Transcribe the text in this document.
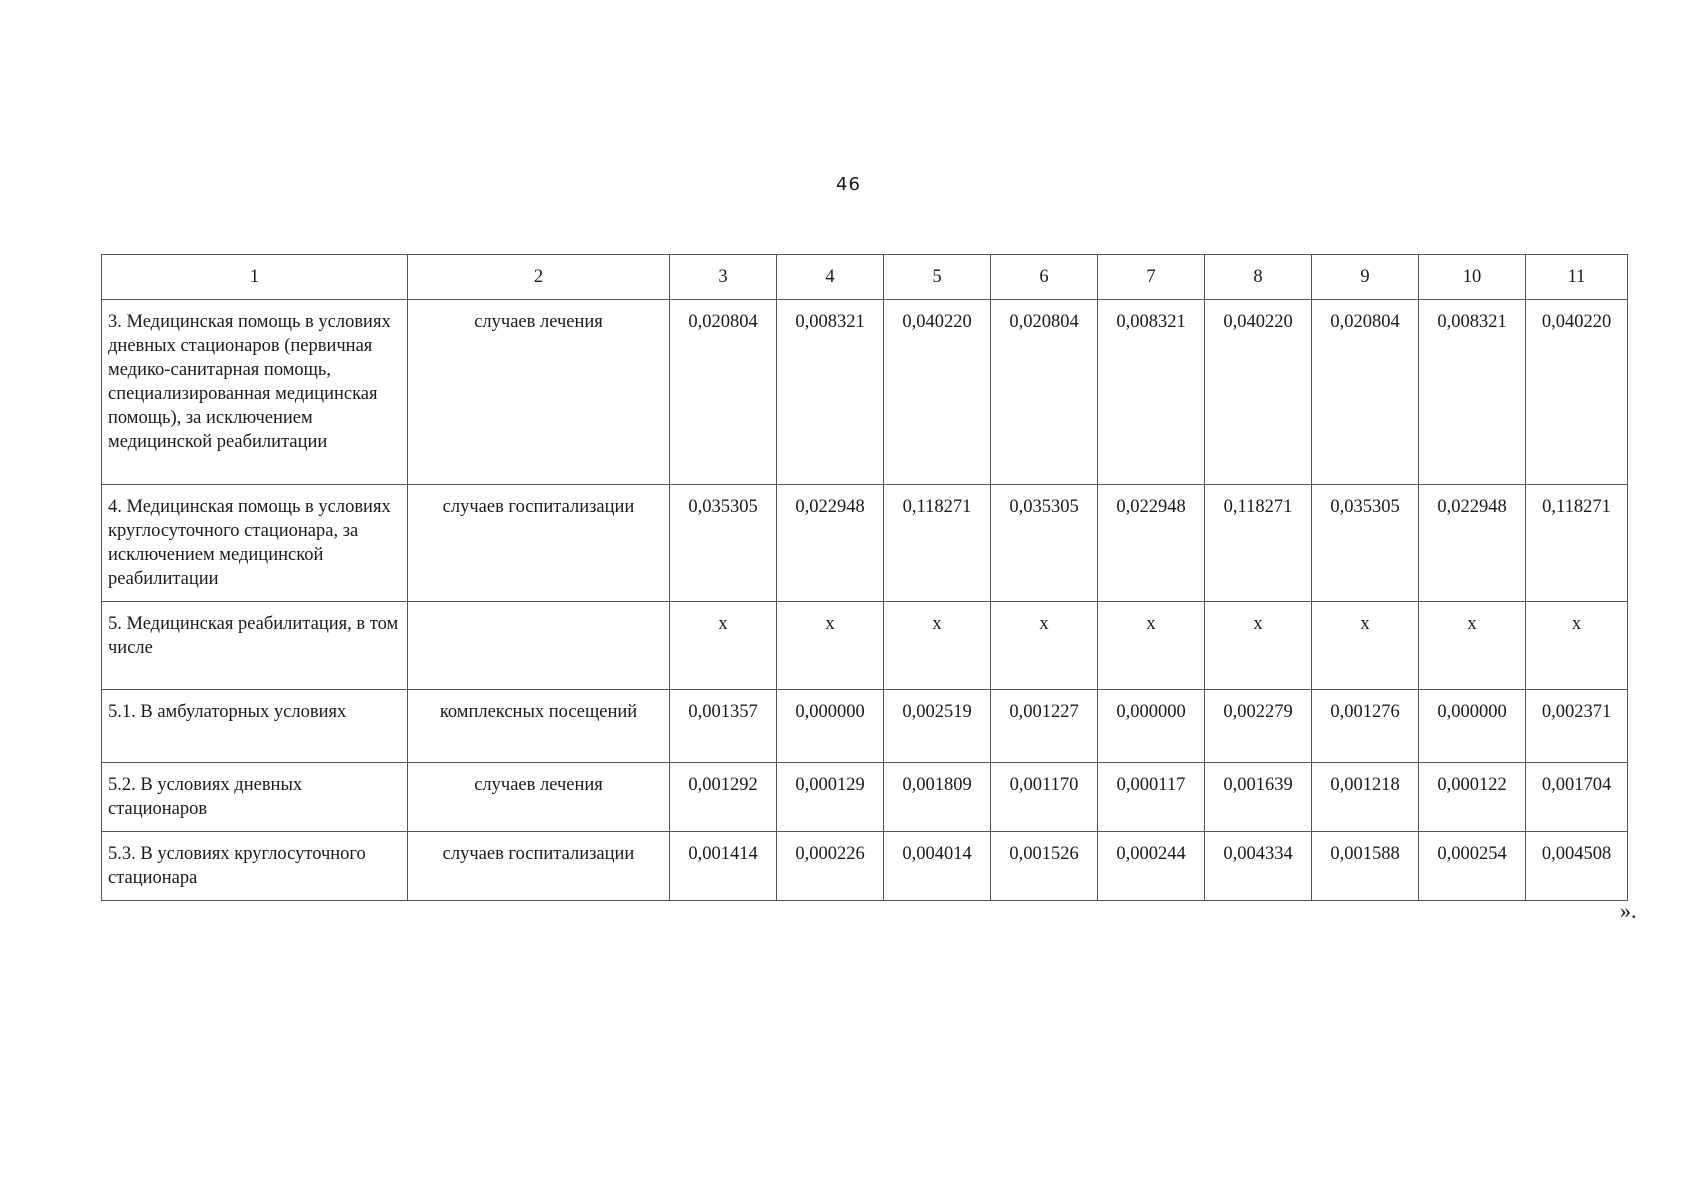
46
1	2	3	4	5	6	7	8	9	10	11
3. Медицинская помощь в условиях дневных стационаров (первичная медико-санитарная помощь, специализированная медицинская помощь), за исключением медицинской реабилитации	случаев лечения	0,020804	0,008321	0,040220	0,020804	0,008321	0,040220	0,020804	0,008321	0,040220
4. Медицинская помощь в условиях круглосуточного стационара, за исключением медицинской реабилитации	случаев госпитализации	0,035305	0,022948	0,118271	0,035305	0,022948	0,118271	0,035305	0,022948	0,118271
5. Медицинская реабилитация, в том числе		х	х	х	х	х	х	х	х	х
5.1. В амбулаторных условиях	комплексных посещений	0,001357	0,000000	0,002519	0,001227	0,000000	0,002279	0,001276	0,000000	0,002371
5.2. В условиях дневных стационаров	случаев лечения	0,001292	0,000129	0,001809	0,001170	0,000117	0,001639	0,001218	0,000122	0,001704
5.3. В условиях круглосуточного стационара	случаев госпитализации	0,001414	0,000226	0,004014	0,001526	0,000244	0,004334	0,001588	0,000254	0,004508
».
